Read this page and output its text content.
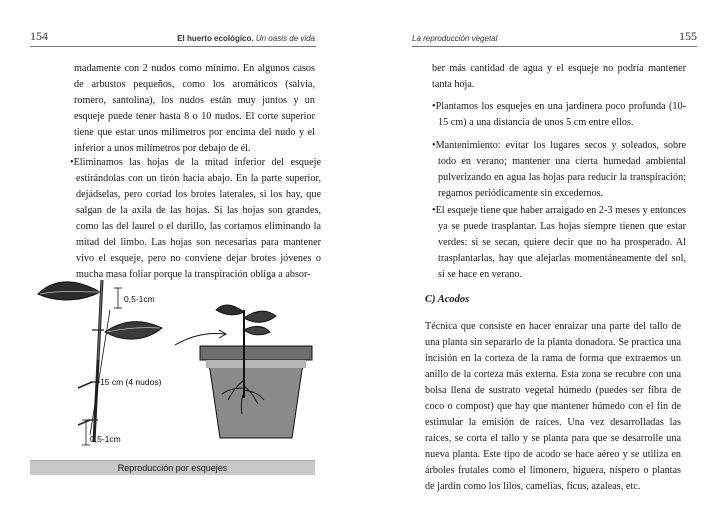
154	El huerto ecológico. Un oasis de vida

madamente con 2 nudos como mínimo. En algunos casos de arbustos pequeños, como los aromáticos (salvia, romero, santolina), los nudos están muy juntos y un esqueje puede tener hasta 8 o 10 nudos. El corte superior tiene que estar unos milímetros por encima del nudo y el inferior a unos milímetros por debajo de él.

•Eliminamos las hojas de la mitad inferior del esqueje estirándolas con un tirón hacia abajo. En la parte superior, dejádselas, pero cortad los brotes laterales, si los hay, que salgan de la axila de las hojas. Si las hojas son grandes, como las del laurel o el durillo, las cortamos eliminando la mitad del limbo. Las hojas son necesarias para mantener vivo el esqueje, pero no conviene dejar brotes jóvenes o mucha masa foliar porque la transpiración obliga a absor-

0,5-1cm
15 cm (4 nudos)
0,5-1cm
Reproducción por esquejes
La reproducción vegetal	155

ber más cantidad de agua y el esqueje no podría mantener tanta hoja.

•Plantamos los esquejes en una jardinera poco profunda (10-15 cm) a una distancia de unos 5 cm entre ellos.

•Mantenimiento: evitar los lugares secos y soleados, sobre todo en verano; mantener una cierta humedad ambiental pulverizando en agua las hojas para reducir la transpiración; regamos periódicamente sin excedernos.

•El esqueje tiene que haber arraigado en 2-3 meses y entonces ya se puede trasplantar. Las hojas siempre tienen que estar verdes: si se secan, quiere decir que no ha prosperado. Al trasplantarlas, hay que alejarlas momentáneamente del sol, si se hace en verano.

C) Acodos

Técnica que consiste en hacer enraizar una parte del tallo de una planta sin separarlo de la planta donadora. Se practica una incisión en la corteza de la rama de forma que extraemos un anillo de la corteza más externa. Esta zona se recubre con una bolsa llena de sustrato vegetal húmedo (puedes ser fibra de coco o compost) que hay que mantener húmedo con el fin de estimular la emisión de raíces. Una vez desarrolladas las raíces, se corta el tallo y se planta para que se desarrolle una nueva planta. Este tipo de acodo se hace aéreo y se utiliza en árboles frutales como el limonero, higuera, níspero o plantas de jardín como los lilos, camelias, ficus, azaleas, etc.
